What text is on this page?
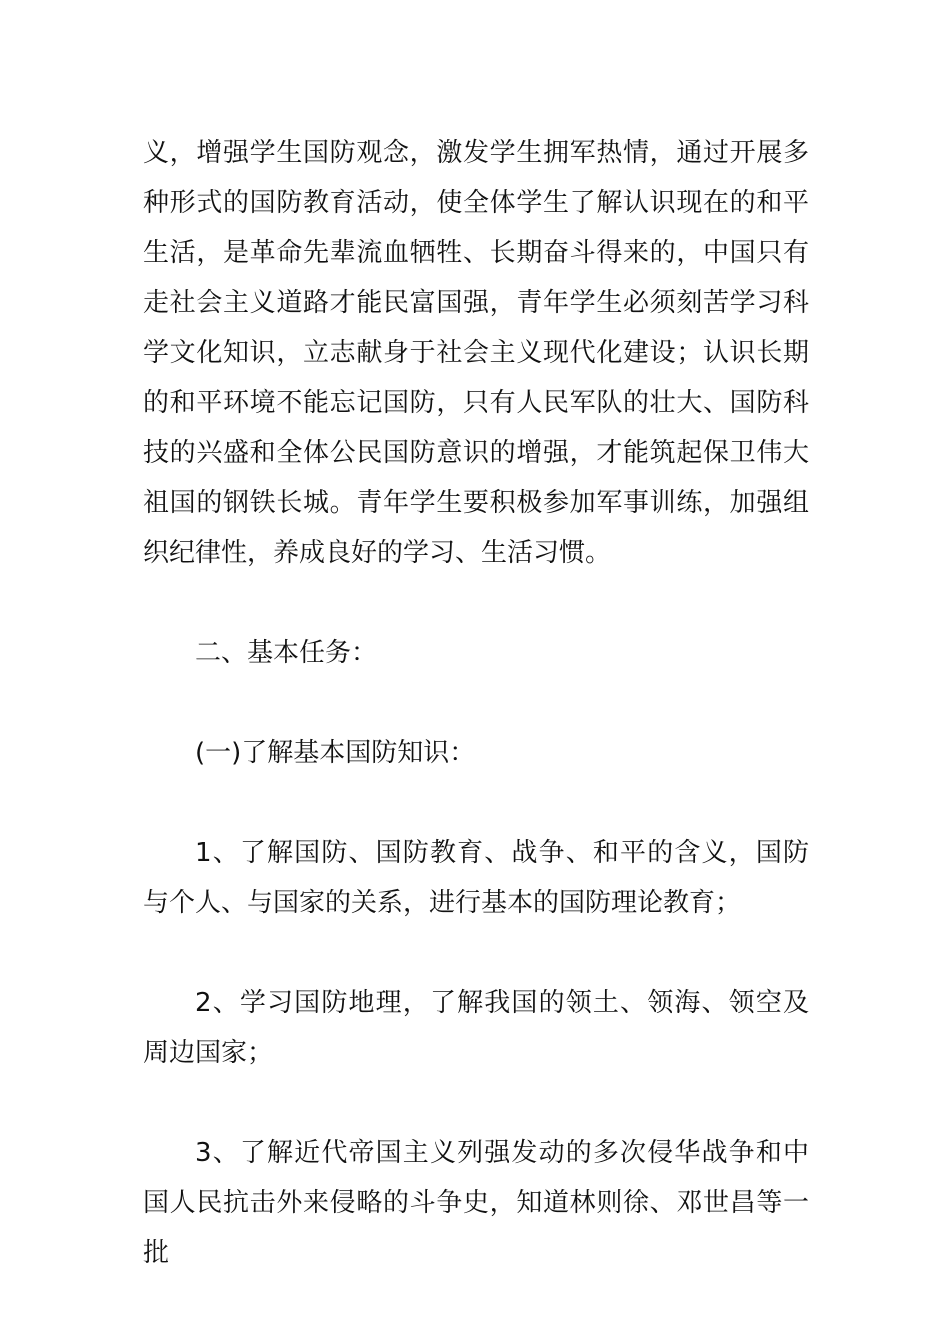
义，增强学生国防观念，激发学生拥军热情，通过开展多种形式的国防教育活动，使全体学生了解认识现在的和平生活，是革命先辈流血牺牲、长期奋斗得来的，中国只有走社会主义道路才能民富国强，青年学生必须刻苦学习科学文化知识，立志献身于社会主义现代化建设；认识长期的和平环境不能忘记国防，只有人民军队的壮大、国防科技的兴盛和全体公民国防意识的增强，才能筑起保卫伟大祖国的钢铁长城。青年学生要积极参加军事训练，加强组织纪律性，养成良好的学习、生活习惯。

二、基本任务：

(一)了解基本国防知识：

1、了解国防、国防教育、战争、和平的含义，国防与个人、与国家的关系，进行基本的国防理论教育；

2、学习国防地理，了解我国的领土、领海、领空及周边国家；

3、了解近代帝国主义列强发动的多次侵华战争和中国人民抗击外来侵略的斗争史，知道林则徐、邓世昌等一批
